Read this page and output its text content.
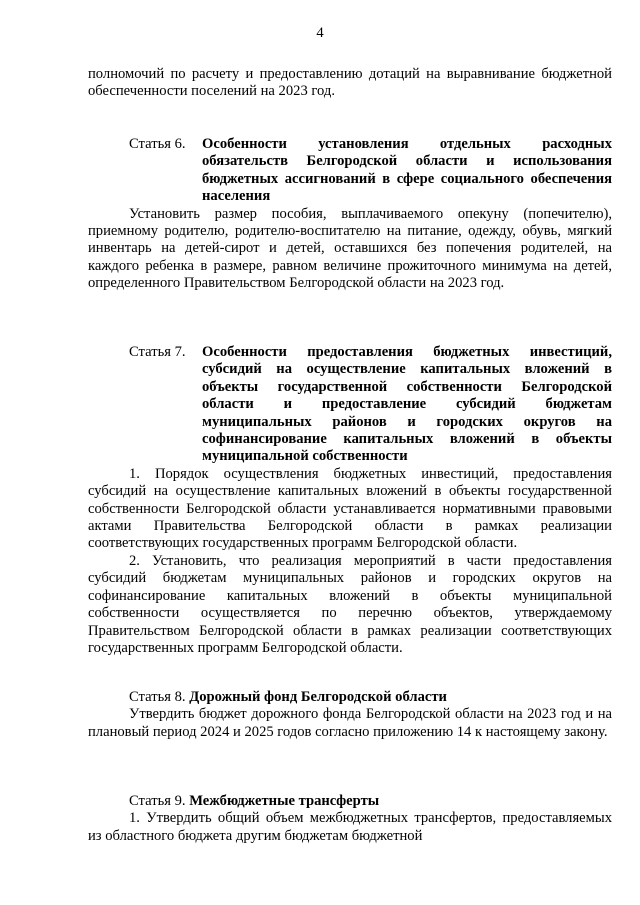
4

полномочий по расчету и предоставлению дотаций на выравнивание бюджетной обеспеченности поселений на 2023 год.

Статья 6.	Особенности установления отдельных расходных обязательств Белгородской области и использования бюджетных ассигнований в сфере социального обеспечения населения

Установить размер пособия, выплачиваемого опекуну (попечителю), приемному родителю, родителю-воспитателю на питание, одежду, обувь, мягкий инвентарь на детей-сирот и детей, оставшихся без попечения родителей, на каждого ребенка в размере, равном величине прожиточного минимума на детей, определенного Правительством Белгородской области на 2023 год.

Статья 7.	Особенности предоставления бюджетных инвестиций, субсидий на осуществление капитальных вложений в объекты государственной собственности Белгородской области и предоставление субсидий бюджетам муниципальных районов и городских округов на софинансирование капитальных вложений в объекты муниципальной собственности

1. Порядок осуществления бюджетных инвестиций, предоставления субсидий на осуществление капитальных вложений в объекты государственной собственности Белгородской области устанавливается нормативными правовыми актами Правительства Белгородской области в рамках реализации соответствующих государственных программ Белгородской области.

2. Установить, что реализация мероприятий в части предоставления субсидий бюджетам муниципальных районов и городских округов на софинансирование капитальных вложений в объекты муниципальной собственности осуществляется по перечню объектов, утверждаемому Правительством Белгородской области в рамках реализации соответствующих государственных программ Белгородской области.

Статья 8. Дорожный фонд Белгородской области

Утвердить бюджет дорожного фонда Белгородской области на 2023 год и на плановый период 2024 и 2025 годов согласно приложению 14 к настоящему закону.

Статья 9. Межбюджетные трансферты

1. Утвердить общий объем межбюджетных трансфертов, предоставляемых из областного бюджета другим бюджетам бюджетной
